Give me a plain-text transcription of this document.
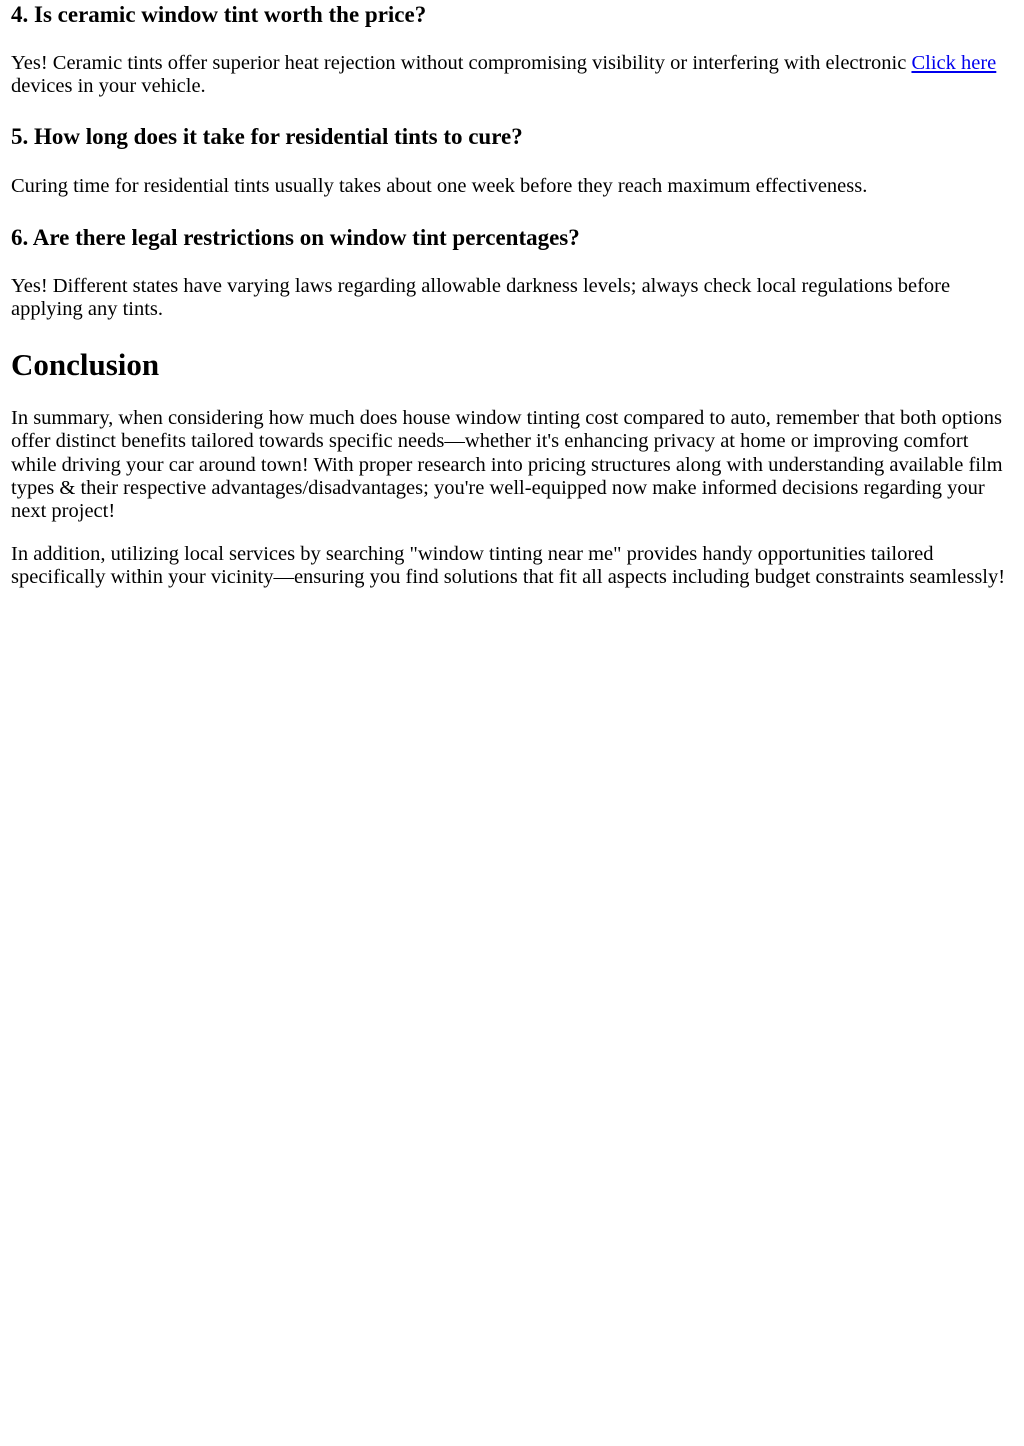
4. Is ceramic window tint worth the price?
Yes! Ceramic tints offer superior heat rejection without compromising visibility or interfering with electronic Click here
devices in your vehicle.
5. How long does it take for residential tints to cure?
Curing time for residential tints usually takes about one week before they reach maximum effectiveness.
6. Are there legal restrictions on window tint percentages?
Yes! Different states have varying laws regarding allowable darkness levels; always check local regulations before
applying any tints.
Conclusion
In summary, when considering how much does house window tinting cost compared to auto, remember that both options
offer distinct benefits tailored towards specific needs—whether it's enhancing privacy at home or improving comfort
while driving your car around town! With proper research into pricing structures along with understanding available film
types & their respective advantages/disadvantages; you're well-equipped now make informed decisions regarding your
next project!
In addition, utilizing local services by searching "window tinting near me" provides handy opportunities tailored
specifically within your vicinity—ensuring you find solutions that fit all aspects including budget constraints seamlessly!
